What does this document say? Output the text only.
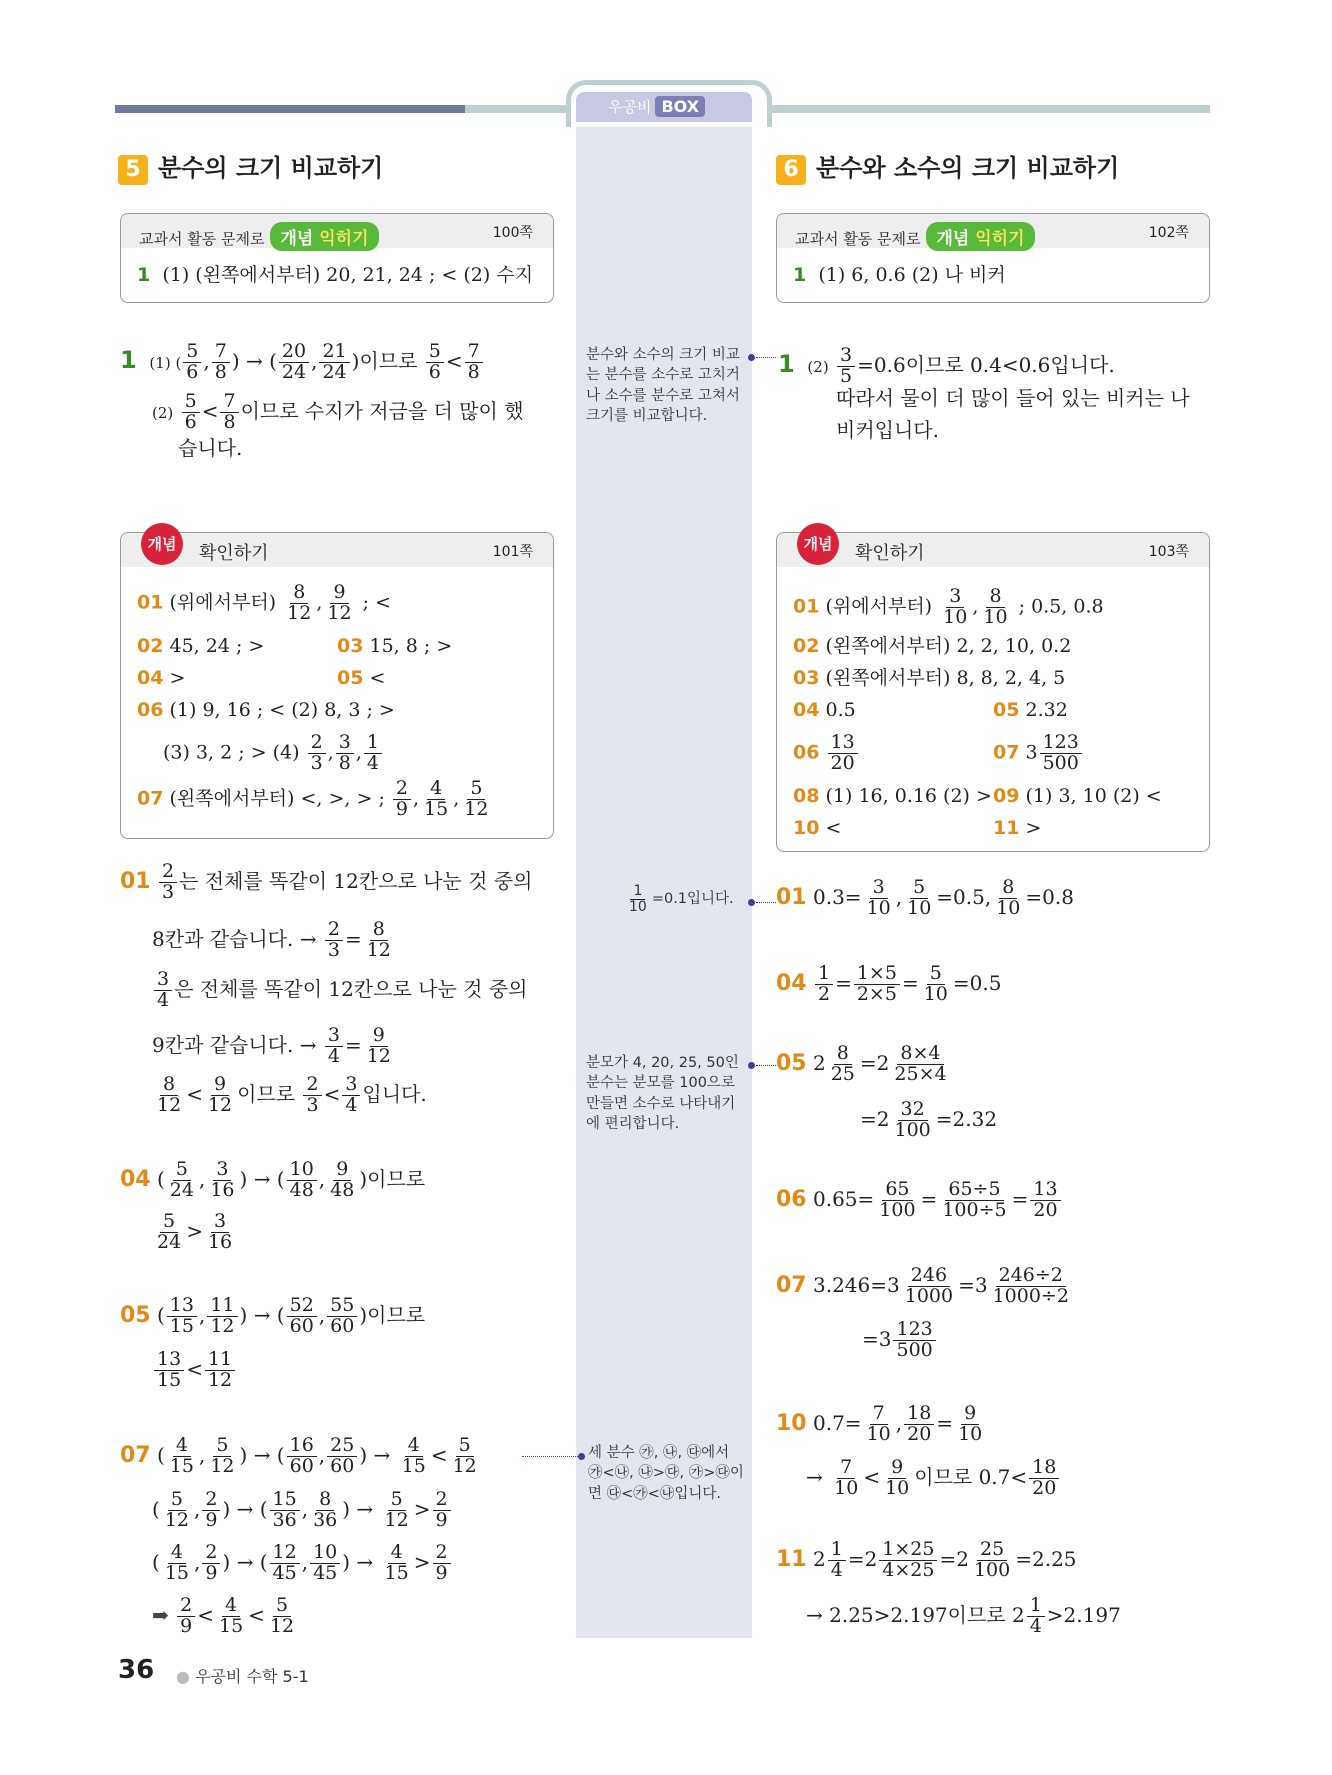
우공비 BOX
5 분수의 크기 비교하기
교과서 활동 문제로 개념 익히기	100쪽
1 (1) (왼쪽에서부터) 20, 21, 24 ; < (2) 수지
1 (1) ( $\frac{5}{6}$ , $\frac{7}{8}$ ) → ( $\frac{20}{24}$ , $\frac{21}{24}$ )이므로 $\frac{5}{6} < \frac{7}{8}$
$(2) \frac{5}{6} < \frac{7}{8}$ 이므로 수지가 저금을 더 많이 했
습니다.
개념	확인하기	101쪽
01 (위에서부터) $\frac{8}{12}$ , $\frac{9}{12}$ ; <
02 45, 24 ; >	03 15, 8 ; >
04 >	05 <
06 (1) 9, 16 ; < (2) 8, 3 ; >
(3) 3, 2 ; > $(4) \frac{2}{3}$ , $\frac{3}{8}$ , $\frac{1}{4}$
07 (왼쪽에서부터) <, >, > ; $\frac{2}{9}$ , $\frac{4}{15}$ , $\frac{5}{12}$
$01 \frac{2}{3}$ 는 전체를 똑같이 12칸으로 나눈 것 중의
8칸과 같습니다. → $\frac{2}{3} = \frac{8}{12}$
$\frac{3}{4}$ 은 전체를 똑같이 12칸으로 나눈 것 중의
9칸과 같습니다. → $\frac{3}{4} = \frac{9}{12}$
$\frac{8}{12} < \frac{9}{12}$ 이므로 $\frac{2}{3} < \frac{3}{4}$ 입니다.
04 ( $\frac{5}{24}$ , $\frac{3}{16}$ ) → ( $\frac{10}{48}$ , $\frac{9}{48}$ )이므로
$\frac{5}{24} > \frac{3}{16}$
05 ( $\frac{13}{15}$ , $\frac{11}{12}$ ) → ( $\frac{52}{60}$ , $\frac{55}{60}$ )이므로
$\frac{13}{15} < \frac{11}{12}$
07 ( $\frac{4}{15}$ , $\frac{5}{12}$ ) → ( $\frac{16}{60}$ , $\frac{25}{60}$ ) → $\frac{4}{15} < \frac{5}{12}$
( $\frac{5}{12}$ , $\frac{2}{9}$ ) → ( $\frac{15}{36}$ , $\frac{8}{36}$ ) → $\frac{5}{12} > \frac{2}{9}$
( $\frac{4}{15}$ , $\frac{2}{9}$ ) → ( $\frac{12}{45}$ , $\frac{10}{45}$ ) → $\frac{4}{15} > \frac{2}{9}$
➡ $\frac{2}{9} < \frac{4}{15} < \frac{5}{12}$
분수와 소수의 크기 비교는 분수를 소수로 고치거나 소수를 분수로 고쳐서 크기를 비교합니다.
$\frac{1}{10} =0.1$입니다.
분모가 4, 20, 25, 50인 분수는 분모를 100으로 만들면 소수로 나타내기에 편리합니다.
세 분수 ㉮, ㉯, ㉰에서 ㉮<㉯, ㉯>㉰, ㉮>㉰이면 ㉰<㉮<㉯입니다.
6 분수와 소수의 크기 비교하기
교과서 활동 문제로 개념 익히기	102쪽
1 (1) 6, 0.6 (2) 나 비커
1 $(2) \frac{3}{5} =0.6$이므로 0.4<0.6입니다.
따라서 물이 더 많이 들어 있는 비커는 나
비커입니다.
개념	확인하기	103쪽
01 (위에서부터) $\frac{3}{10}$ , $\frac{8}{10}$ ; 0.5, 0.8
02 (왼쪽에서부터) 2, 2, 10, 0.2
03 (왼쪽에서부터) 8, 8, 2, 4, 5
04 0.5	05 2.32
$06 \frac{13}{20}$	07 $3 \frac{123}{500}$
08 (1) 16, 0.16 (2) > 09 (1) 3, 10 (2) <
10 <	11 >
01 $0.3= \frac{3}{10}$ , $\frac{5}{10} =0.5$, $\frac{8}{10} =0.8$
$04 \frac{1}{2} = \frac{1\times 5}{2\times 5} = \frac{5}{10} =0.5$
05 $2 \frac{8}{25} =2 \frac{8\times 4}{25\times 4}$
$=2 \frac{32}{100} =2.32$
06 $0.65= \frac{65}{100} = \frac{65\div 5}{100\div 5} = \frac{13}{20}$
07 $3.246=3 \frac{246}{1000} =3 \frac{246\div 2}{1000\div 2}$
$=3 \frac{123}{500}$
10 $0.7= \frac{7}{10}$ , $\frac{18}{20} = \frac{9}{10}$
→ $\frac{7}{10} < \frac{9}{10}$ 이므로 $0.7< \frac{18}{20}$
11 $2 \frac{1}{4} =2 \frac{1\times 25}{4\times 25} =2 \frac{25}{100} =2.25$
→ 2.25>2.197이므로 $2 \frac{1}{4} >2.197$
36 ● 우공비 수학 5-1
